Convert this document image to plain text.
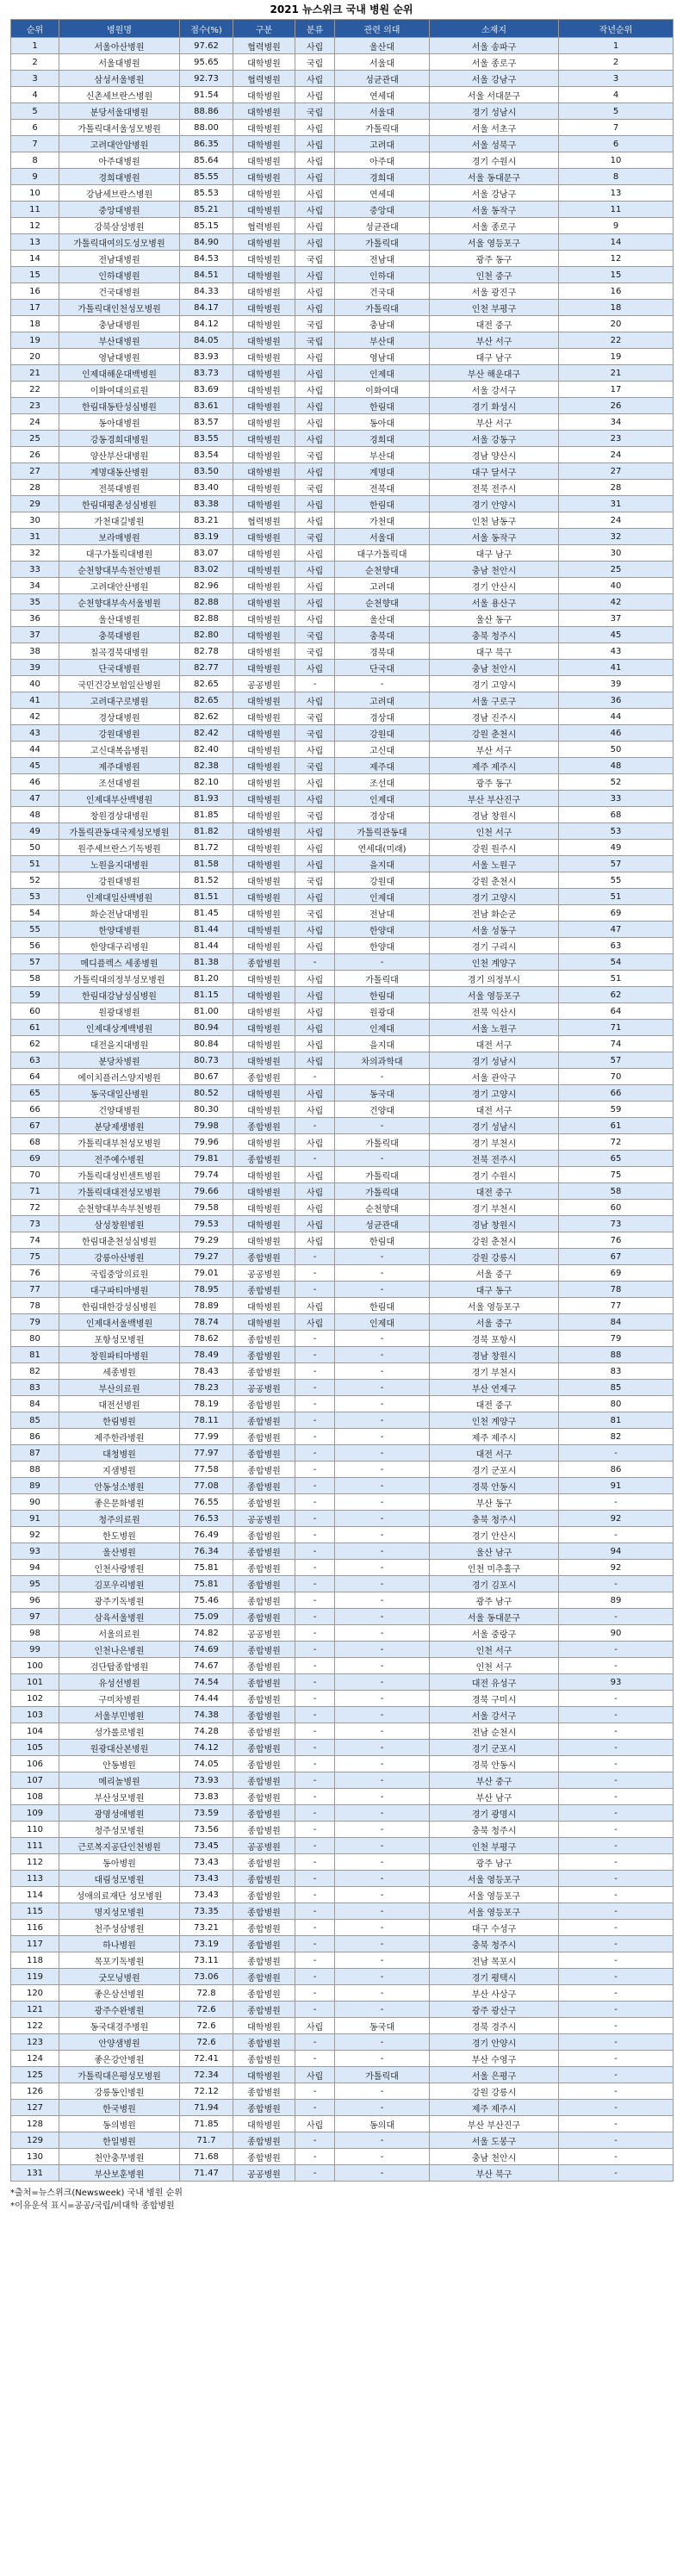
2021 뉴스위크 국내 병원 순위
순위	병원명	점수(%)	구분	분류	관련 의대	소재지	작년순위
1	서울아산병원	97.62	협력병원	사립	울산대	서울 송파구	1
2	서울대병원	95.65	대학병원	국립	서울대	서울 종로구	2
3	삼성서울병원	92.73	협력병원	사립	성균관대	서울 강남구	3
4	신촌세브란스병원	91.54	대학병원	사립	연세대	서울 서대문구	4
5	분당서울대병원	88.86	대학병원	국립	서울대	경기 성남시	5
6	가톨릭대서울성모병원	88.00	대학병원	사립	가톨릭대	서울 서초구	7
7	고려대안암병원	86.35	대학병원	사립	고려대	서울 성북구	6
8	아주대병원	85.64	대학병원	사립	아주대	경기 수원시	10
9	경희대병원	85.55	대학병원	사립	경희대	서울 동대문구	8
10	강남세브란스병원	85.53	대학병원	사립	연세대	서울 강남구	13
11	중앙대병원	85.21	대학병원	사립	중앙대	서울 동작구	11
12	강북삼성병원	85.15	협력병원	사립	성균관대	서울 종로구	9
13	가톨릭대여의도성모병원	84.90	대학병원	사립	가톨릭대	서울 영등포구	14
14	전남대병원	84.53	대학병원	국립	전남대	광주 동구	12
15	인하대병원	84.51	대학병원	사립	인하대	인천 중구	15
16	건국대병원	84.33	대학병원	사립	건국대	서울 광진구	16
17	가톨릭대인천성모병원	84.17	대학병원	사립	가톨릭대	인천 부평구	18
18	충남대병원	84.12	대학병원	국립	충남대	대전 중구	20
19	부산대병원	84.05	대학병원	국립	부산대	부산 서구	22
20	영남대병원	83.93	대학병원	사립	영남대	대구 남구	19
21	인제대해운대백병원	83.73	대학병원	사립	인제대	부산 해운대구	21
22	이화여대의료원	83.69	대학병원	사립	이화여대	서울 강서구	17
23	한림대동탄성심병원	83.61	대학병원	사립	한림대	경기 화성시	26
24	동아대병원	83.57	대학병원	사립	동아대	부산 서구	34
25	강동경희대병원	83.55	대학병원	사립	경희대	서울 강동구	23
26	양산부산대병원	83.54	대학병원	국립	부산대	경남 양산시	24
27	계명대동산병원	83.50	대학병원	사립	계명대	대구 달서구	27
28	전북대병원	83.40	대학병원	국립	전북대	전북 전주시	28
29	한림대평촌성심병원	83.38	대학병원	사립	한림대	경기 안양시	31
30	가천대길병원	83.21	협력병원	사립	가천대	인천 남동구	24
31	보라매병원	83.19	대학병원	국립	서울대	서울 동작구	32
32	대구가톨릭대병원	83.07	대학병원	사립	대구가톨릭대	대구 남구	30
33	순천향대부속천안병원	83.02	대학병원	사립	순천향대	충남 천안시	25
34	고려대안산병원	82.96	대학병원	사립	고려대	경기 안산시	40
35	순천향대부속서울병원	82.88	대학병원	사립	순천향대	서울 용산구	42
36	울산대병원	82.88	대학병원	사립	울산대	울산 동구	37
37	충북대병원	82.80	대학병원	국립	충북대	충북 청주시	45
38	칠곡경북대병원	82.78	대학병원	국립	경북대	대구 북구	43
39	단국대병원	82.77	대학병원	사립	단국대	충남 천안시	41
40	국민건강보험일산병원	82.65	공공병원	-	-	경기 고양시	39
41	고려대구로병원	82.65	대학병원	사립	고려대	서울 구로구	36
42	경상대병원	82.62	대학병원	국립	경상대	경남 진주시	44
43	강원대병원	82.42	대학병원	국립	강원대	강원 춘천시	46
44	고신대복음병원	82.40	대학병원	사립	고신대	부산 서구	50
45	제주대병원	82.38	대학병원	국립	제주대	제주 제주시	48
46	조선대병원	82.10	대학병원	사립	조선대	광주 동구	52
47	인제대부산백병원	81.93	대학병원	사립	인제대	부산 부산진구	33
48	창원경상대병원	81.85	대학병원	국립	경상대	경남 창원시	68
49	가톨릭관동대국제성모병원	81.82	대학병원	사립	가톨릭관동대	인천 서구	53
50	원주세브란스기독병원	81.72	대학병원	사립	연세대(미래)	강원 원주시	49
51	노원을지대병원	81.58	대학병원	사립	을지대	서울 노원구	57
52	강원대병원	81.52	대학병원	국립	강원대	강원 춘천시	55
53	인제대일산백병원	81.51	대학병원	사립	인제대	경기 고양시	51
54	화순전남대병원	81.45	대학병원	국립	전남대	전남 화순군	69
55	한양대병원	81.44	대학병원	사립	한양대	서울 성동구	47
56	한양대구리병원	81.44	대학병원	사립	한양대	경기 구리시	63
57	메디플렉스 세종병원	81.38	종합병원	-	-	인천 계양구	54
58	가톨릭대의정부성모병원	81.20	대학병원	사립	가톨릭대	경기 의정부시	51
59	한림대강남성심병원	81.15	대학병원	사립	한림대	서울 영등포구	62
60	원광대병원	81.00	대학병원	사립	원광대	전북 익산시	64
61	인제대상계백병원	80.94	대학병원	사립	인제대	서울 노원구	71
62	대전을지대병원	80.84	대학병원	사립	을지대	대전 서구	74
63	분당차병원	80.73	대학병원	사립	차의과학대	경기 성남시	57
64	에이치플러스양지병원	80.67	종합병원	-	-	서울 관악구	70
65	동국대일산병원	80.52	대학병원	사립	동국대	경기 고양시	66
66	건양대병원	80.30	대학병원	사립	건양대	대전 서구	59
67	분당제생병원	79.98	종합병원	-	-	경기 성남시	61
68	가톨릭대부천성모병원	79.96	대학병원	사립	가톨릭대	경기 부천시	72
69	전주예수병원	79.81	종합병원	-	-	전북 전주시	65
70	가톨릭대성빈센트병원	79.74	대학병원	사립	가톨릭대	경기 수원시	75
71	가톨릭대대전성모병원	79.66	대학병원	사립	가톨릭대	대전 중구	58
72	순천향대부속부천병원	79.58	대학병원	사립	순천향대	경기 부천시	60
73	삼성창원병원	79.53	대학병원	사립	성균관대	경남 창원시	73
74	한림대춘천성심병원	79.29	대학병원	사립	한림대	강원 춘천시	76
75	강릉아산병원	79.27	종합병원	-	-	강원 강릉시	67
76	국립중앙의료원	79.01	공공병원	-	-	서울 중구	69
77	대구파티마병원	78.95	종합병원	-	-	대구 동구	78
78	한림대한강성심병원	78.89	대학병원	사립	한림대	서울 영등포구	77
79	인제대서울백병원	78.74	대학병원	사립	인제대	서울 중구	84
80	포항성모병원	78.62	종합병원	-	-	경북 포항시	79
81	창원파티마병원	78.49	종합병원	-	-	경남 창원시	88
82	세종병원	78.43	종합병원	-	-	경기 부천시	83
83	부산의료원	78.23	공공병원	-	-	부산 연제구	85
84	대전선병원	78.19	종합병원	-	-	대전 중구	80
85	한림병원	78.11	종합병원	-	-	인천 계양구	81
86	제주한라병원	77.99	종합병원	-	-	제주 제주시	82
87	대청병원	77.97	종합병원	-	-	대전 서구	-
88	지샘병원	77.58	종합병원	-	-	경기 군포시	86
89	안동성소병원	77.08	종합병원	-	-	경북 안동시	91
90	좋은문화병원	76.55	종합병원	-	-	부산 동구	-
91	청주의료원	76.53	공공병원	-	-	충북 청주시	92
92	한도병원	76.49	종합병원	-	-	경기 안산시	-
93	울산병원	76.34	종합병원	-	-	울산 남구	94
94	인천사랑병원	75.81	종합병원	-	-	인천 미추홀구	92
95	김포우리병원	75.81	종합병원	-	-	경기 김포시	-
96	광주기독병원	75.46	종합병원	-	-	광주 남구	89
97	삼육서울병원	75.09	종합병원	-	-	서울 동대문구	-
98	서울의료원	74.82	공공병원	-	-	서울 중랑구	90
99	인천나은병원	74.69	종합병원	-	-	인천 서구	-
100	검단탑종합병원	74.67	종합병원	-	-	인천 서구	-
101	유성선병원	74.54	종합병원	-	-	대전 유성구	93
102	구미차병원	74.44	종합병원	-	-	경북 구미시	-
103	서울부민병원	74.38	종합병원	-	-	서울 강서구	-
104	성가롤로병원	74.28	종합병원	-	-	전남 순천시	-
105	원광대산본병원	74.12	종합병원	-	-	경기 군포시	-
106	안동병원	74.05	종합병원	-	-	경북 안동시	-
107	메리놀병원	73.93	종합병원	-	-	부산 중구	-
108	부산성모병원	73.83	종합병원	-	-	부산 남구	-
109	광명성애병원	73.59	종합병원	-	-	경기 광명시	-
110	청주성모병원	73.56	종합병원	-	-	충북 청주시	-
111	근로복지공단인천병원	73.45	공공병원	-	-	인천 부평구	-
112	동아병원	73.43	종합병원	-	-	광주 남구	-
113	대림성모병원	73.43	종합병원	-	-	서울 영등포구	-
114	성애의료재단 성모병원	73.43	종합병원	-	-	서울 영등포구	-
115	명지성모병원	73.35	종합병원	-	-	서울 영등포구	-
116	천주성삼병원	73.21	종합병원	-	-	대구 수성구	-
117	하나병원	73.19	종합병원	-	-	충북 청주시	-
118	목포기독병원	73.11	종합병원	-	-	전남 목포시	-
119	굿모닝병원	73.06	종합병원	-	-	경기 평택시	-
120	좋은삼선병원	72.8	종합병원	-	-	부산 사상구	-
121	광주수완병원	72.6	종합병원	-	-	광주 광산구	-
122	동국대경주병원	72.6	대학병원	사립	동국대	경북 경주시	-
123	안양샘병원	72.6	종합병원	-	-	경기 안양시	-
124	좋은강안병원	72.41	종합병원	-	-	부산 수영구	-
125	가톨릭대은평성모병원	72.34	대학병원	사립	가톨릭대	서울 은평구	-
126	강릉동인병원	72.12	종합병원	-	-	강원 강릉시	-
127	한국병원	71.94	종합병원	-	-	제주 제주시	-
128	동의병원	71.85	대학병원	사립	동의대	부산 부산진구	-
129	한일병원	71.7	종합병원	-	-	서울 도봉구	-
130	천안충무병원	71.68	종합병원	-	-	충남 천안시	-
131	부산보훈병원	71.47	공공병원	-	-	부산 북구	-
*출처=뉴스위크(Newsweek) 국내 병원 순위
*이유운석 표시=공공/국립/비대학 종합병원
